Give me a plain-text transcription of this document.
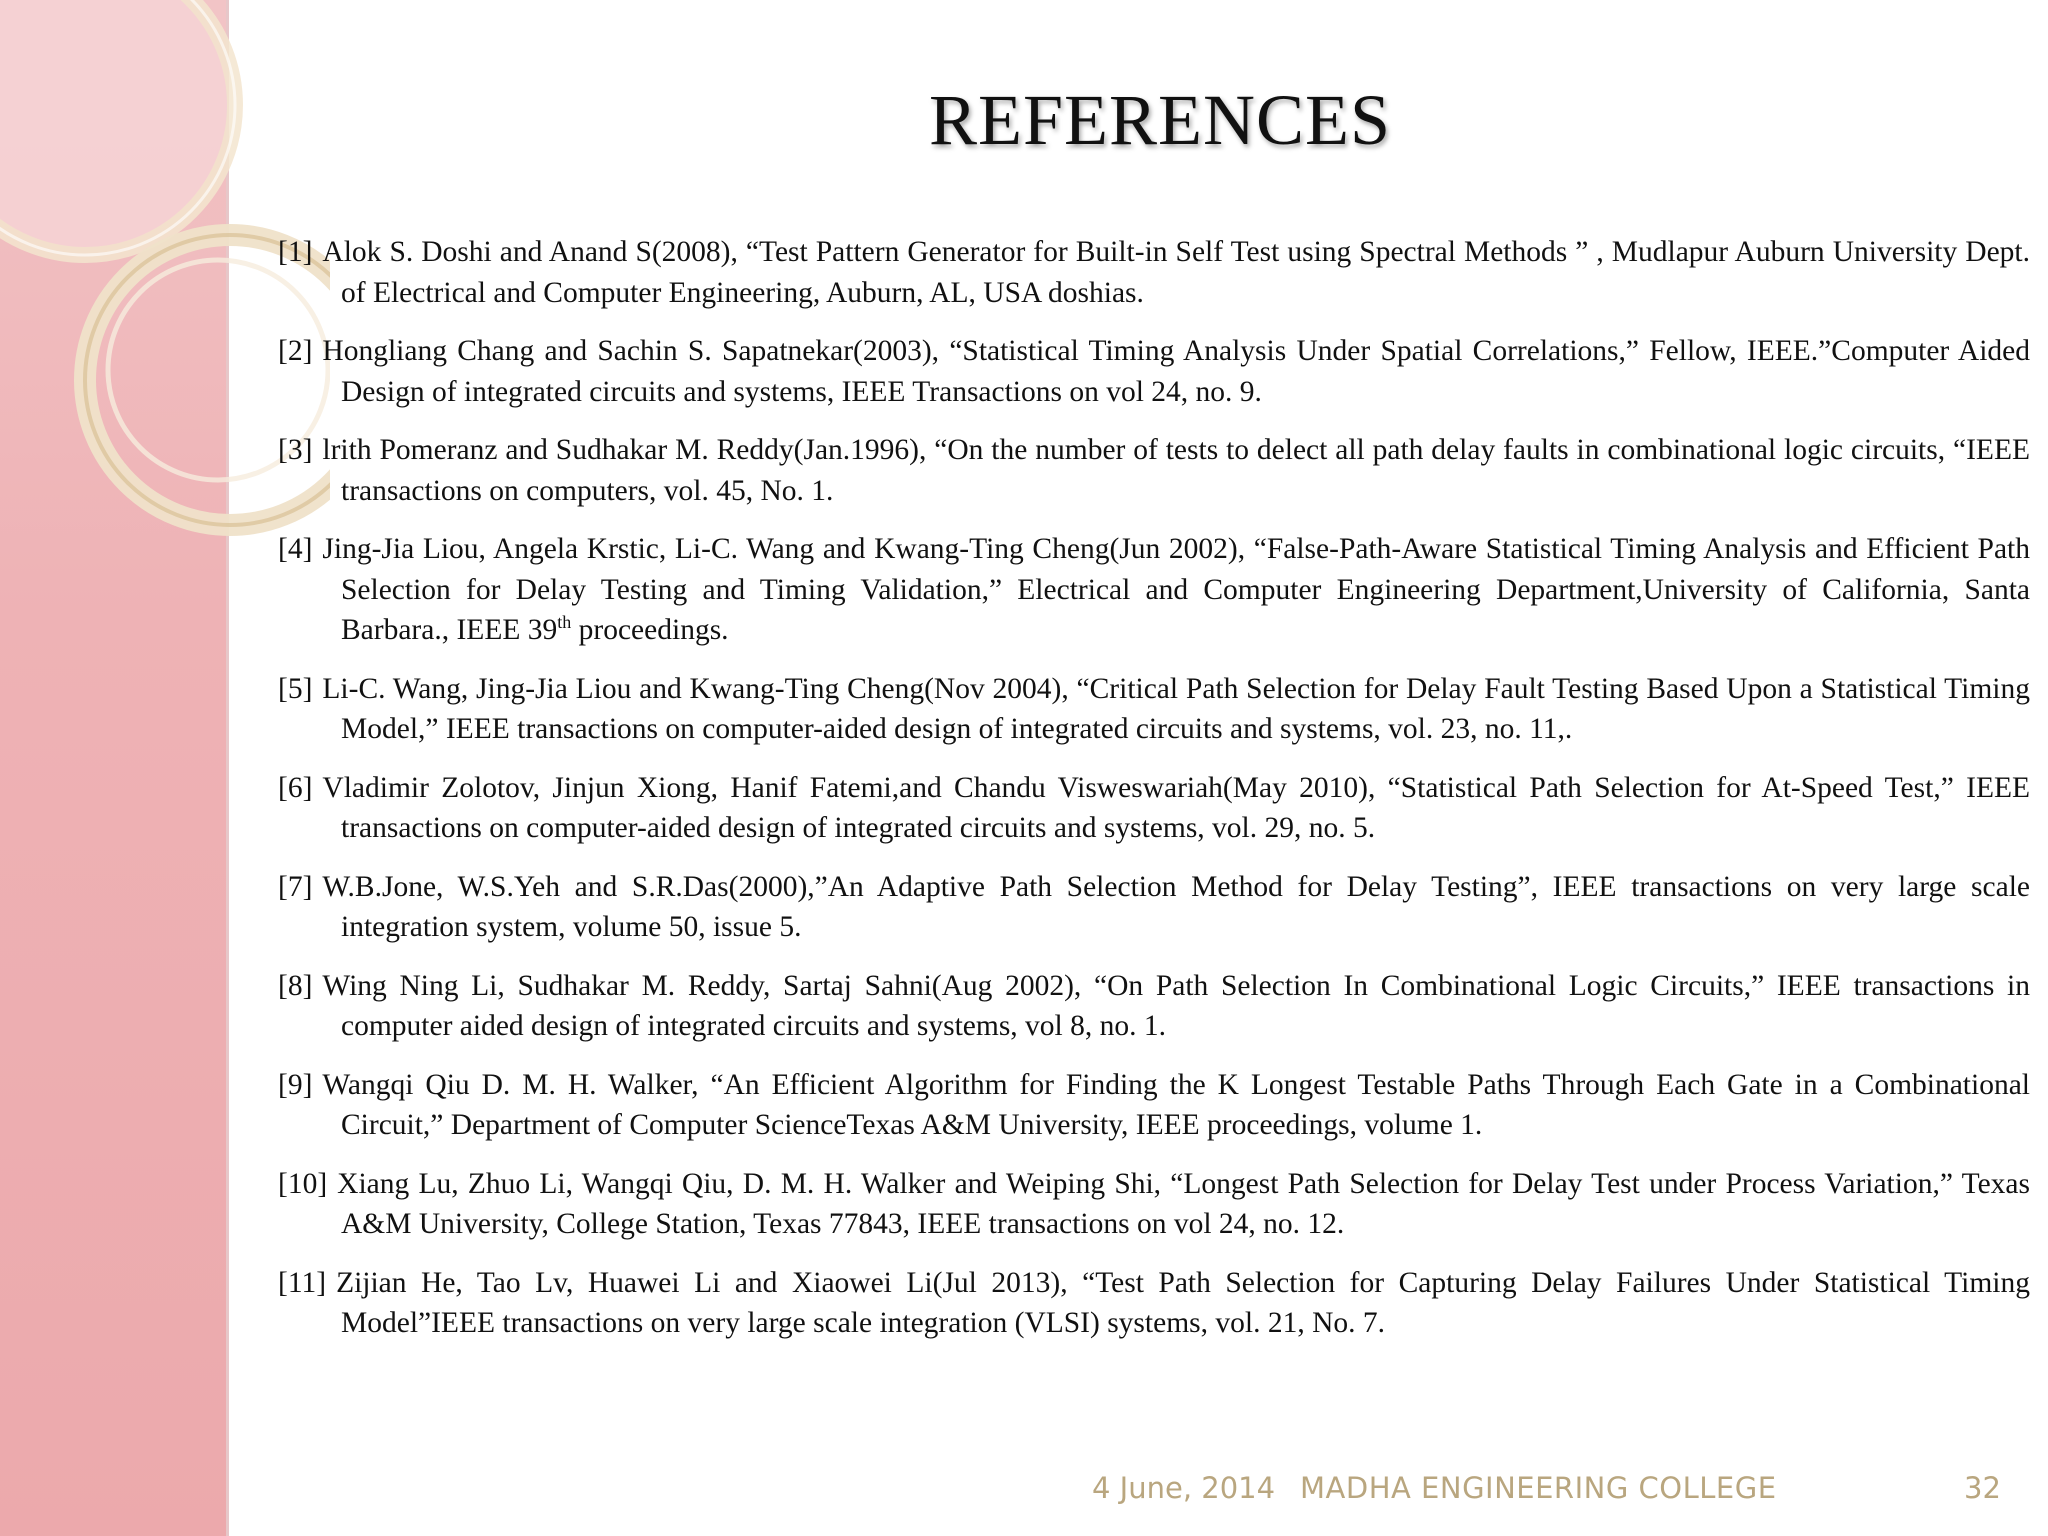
REFERENCES

[1] Alok S. Doshi and Anand S(2008), “Test Pattern Generator for Built-in Self Test using Spectral Methods ” , Mudlapur Auburn University Dept. of Electrical and Computer Engineering, Auburn, AL, USA doshias.

[2] Hongliang Chang and Sachin S. Sapatnekar(2003), “Statistical Timing Analysis Under Spatial Correlations,” Fellow, IEEE.”Computer Aided Design of integrated circuits and systems, IEEE Transactions on vol 24, no. 9.

[3] lrith Pomeranz and Sudhakar M. Reddy(Jan.1996), “On the number of tests to delect all path delay faults in combinational logic circuits, “IEEE transactions on computers, vol. 45, No. 1.

[4] Jing-Jia Liou, Angela Krstic, Li-C. Wang and Kwang-Ting Cheng(Jun 2002), “False-Path-Aware Statistical Timing Analysis and Efficient Path Selection for Delay Testing and Timing Validation,” Electrical and Computer Engineering Department,University of California, Santa Barbara., IEEE 39th proceedings.

[5] Li-C. Wang, Jing-Jia Liou and Kwang-Ting Cheng(Nov 2004), “Critical Path Selection for Delay Fault Testing Based Upon a Statistical Timing Model,” IEEE transactions on computer-aided design of integrated circuits and systems, vol. 23, no. 11,.

[6] Vladimir Zolotov, Jinjun Xiong, Hanif Fatemi,and Chandu Visweswariah(May 2010), “Statistical Path Selection for At-Speed Test,” IEEE transactions on computer-aided design of integrated circuits and systems, vol. 29, no. 5.

[7] W.B.Jone, W.S.Yeh and S.R.Das(2000),”An Adaptive Path Selection Method for Delay Testing”, IEEE transactions on very large scale integration system, volume 50, issue 5.

[8] Wing Ning Li, Sudhakar M. Reddy, Sartaj Sahni(Aug 2002), “On Path Selection In Combinational Logic Circuits,” IEEE transactions in computer aided design of integrated circuits and systems, vol 8, no. 1.

[9] Wangqi Qiu D. M. H. Walker, “An Efficient Algorithm for Finding the K Longest Testable Paths Through Each Gate in a Combinational Circuit,” Department of Computer ScienceTexas A&M University, IEEE proceedings, volume 1.

[10] Xiang Lu, Zhuo Li, Wangqi Qiu, D. M. H. Walker and Weiping Shi, “Longest Path Selection for Delay Test under Process Variation,” Texas A&M University, College Station, Texas 77843, IEEE transactions on vol 24, no. 12.

[11] Zijian He, Tao Lv, Huawei Li and Xiaowei Li(Jul 2013), “Test Path Selection for Capturing Delay Failures Under Statistical Timing Model”IEEE transactions on very large scale integration (VLSI) systems, vol. 21, No. 7.

4 June, 2014 MADHA ENGINEERING COLLEGE	32
